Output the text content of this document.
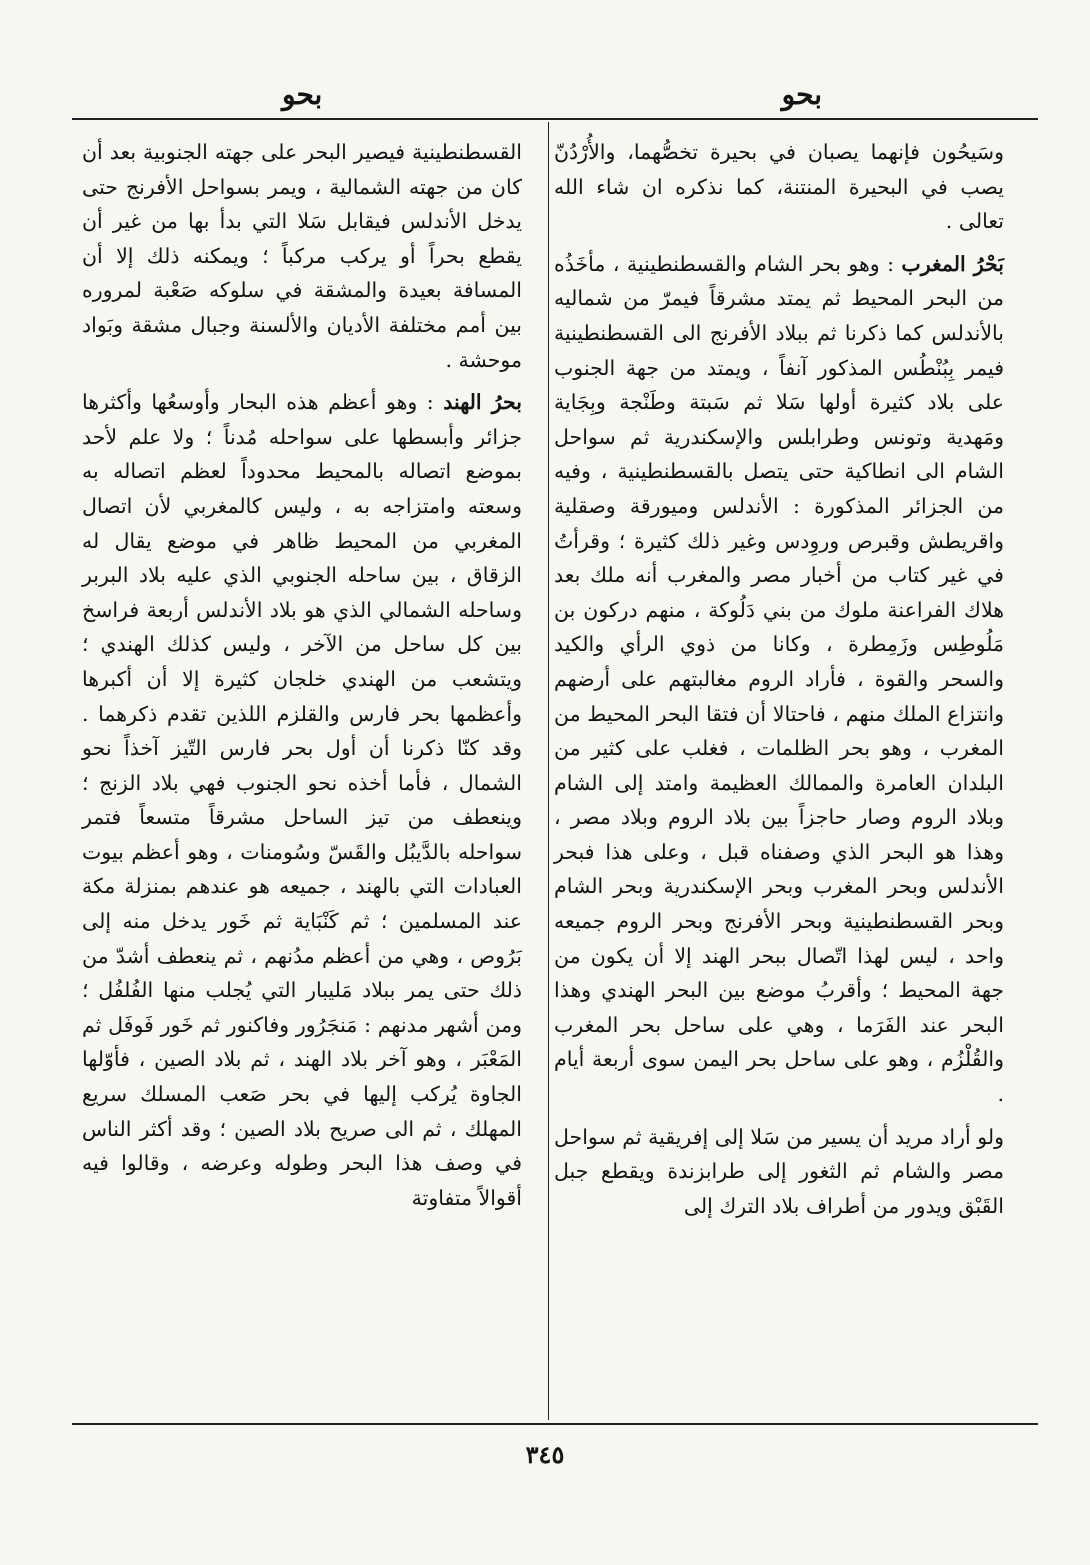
بحو
بحو

وسَيحُون فإنهما يصبان في بحيرة تخصُّهما، والأُرْدُنّ يصب في البحيرة المنتنة، كما نذكره ان شاء الله تعالى .

بَحْرُ المغرب : وهو بحر الشام والقسطنطينية ، مأخَذُه من البحر المحيط ثم يمتد مشرقاً فيمرّ من شماليه بالأندلس كما ذكرنا ثم ببلاد الأفرنج الى القسطنطينية فيمر بِبُنْطُس المذكور آنفاً ، ويمتد من جهة الجنوب على بلاد كثيرة أولها سَلا ثم سَبتة وطَنْجة وبِجَاية ومَهدية وتونس وطرابلس والإسكندرية ثم سواحل الشام الى انطاكية حتى يتصل بالقسطنطينية ، وفيه من الجزائر المذكورة : الأندلس وميورقة وصقلية واقريطش وقبرص وروِدس وغير ذلك كثيرة ؛ وقرأتُ في غير كتاب من أخبار مصر والمغرب أنه ملك بعد هلاك الفراعنة ملوك من بني دَلُوكة ، منهم دركون بن مَلُوطِس وزَمِطرة ، وكانا من ذوي الرأي والكيد والسحر والقوة ، فأراد الروم مغالبتهم على أرضهم وانتزاع الملك منهم ، فاحتالا أن فتقا البحر المحيط من المغرب ، وهو بحر الظلمات ، فغلب على كثير من البلدان العامرة والممالك العظيمة وامتد إلى الشام وبلاد الروم وصار حاجزاً بين بلاد الروم وبلاد مصر ، وهذا هو البحر الذي وصفناه قبل ، وعلى هذا فبحر الأندلس وبحر المغرب وبحر الإسكندرية وبحر الشام وبحر القسطنطينية وبحر الأفرنج وبحر الروم جميعه واحد ، ليس لهذا اتّصال ببحر الهند إلا أن يكون من جهة المحيط ؛ وأقربُ موضع بين البحر الهندي وهذا البحر عند الفَرَما ، وهي على ساحل بحر المغرب والقُلْزُم ، وهو على ساحل بحر اليمن سوى أربعة أيام .

ولو أراد مريد أن يسير من سَلا إلى إفريقية ثم سواحل مصر والشام ثم الثغور إلى طرابزندة ويقطع جبل القَبْق ويدور من أطراف بلاد الترك إلى

القسطنطينية فيصير البحر على جهته الجنوبية بعد أن كان من جهته الشمالية ، ويمر بسواحل الأفرنج حتى يدخل الأندلس فيقابل سَلا التي بدأ بها من غير أن يقطع بحراً أو يركب مركباً ؛ ويمكنه ذلك إلا أن المسافة بعيدة والمشقة في سلوكه صَعْبة لمروره بين أمم مختلفة الأديان والألسنة وجبال مشقة وبَواد موحشة .

بحرُ الهند : وهو أعظم هذه البحار وأوسعُها وأكثرها جزائر وأبسطها على سواحله مُدناً ؛ ولا علم لأحد بموضع اتصاله بالمحيط محدوداً لعظم اتصاله به وسعته وامتزاجه به ، وليس كالمغربي لأن اتصال المغربي من المحيط ظاهر في موضع يقال له الزقاق ، بين ساحله الجنوبي الذي عليه بلاد البربر وساحله الشمالي الذي هو بلاد الأندلس أربعة فراسخ بين كل ساحل من الآخر ، وليس كذلك الهندي ؛ ويتشعب من الهندي خلجان كثيرة إلا أن أكبرها وأعظمها بحر فارس والقلزم اللذين تقدم ذكرهما . وقد كنّا ذكرنا أن أول بحر فارس التّيز آخذاً نحو الشمال ، فأما أخذه نحو الجنوب فهي بلاد الزنج ؛ وينعطف من تيز الساحل مشرقاً متسعاً فتمر سواحله بالدَّيبُل والقَسّ وسُومنات ، وهو أعظم بيوت العبادات التي بالهند ، جميعه هو عندهم بمنزلة مكة عند المسلمين ؛ ثم كَنْبَاية ثم خَور يدخل منه إلى بَرُوص ، وهي من أعظم مدُنهم ، ثم ينعطف أشدّ من ذلك حتى يمر ببلاد مَليبار التي يُجلب منها الفُلفُل ؛ ومن أشهر مدنهم : مَنجَرُور وفاكنور ثم خَور فَوفَل ثم المَعْبَر ، وهو آخر بلاد الهند ، ثم بلاد الصين ، فأوّلها الجاوة يُركب إليها في بحر صَعب المسلك سريع المهلك ، ثم الى صريح بلاد الصين ؛ وقد أكثر الناس في وصف هذا البحر وطوله وعرضه ، وقالوا فيه أقوالاً متفاوتة

٣٤٥
